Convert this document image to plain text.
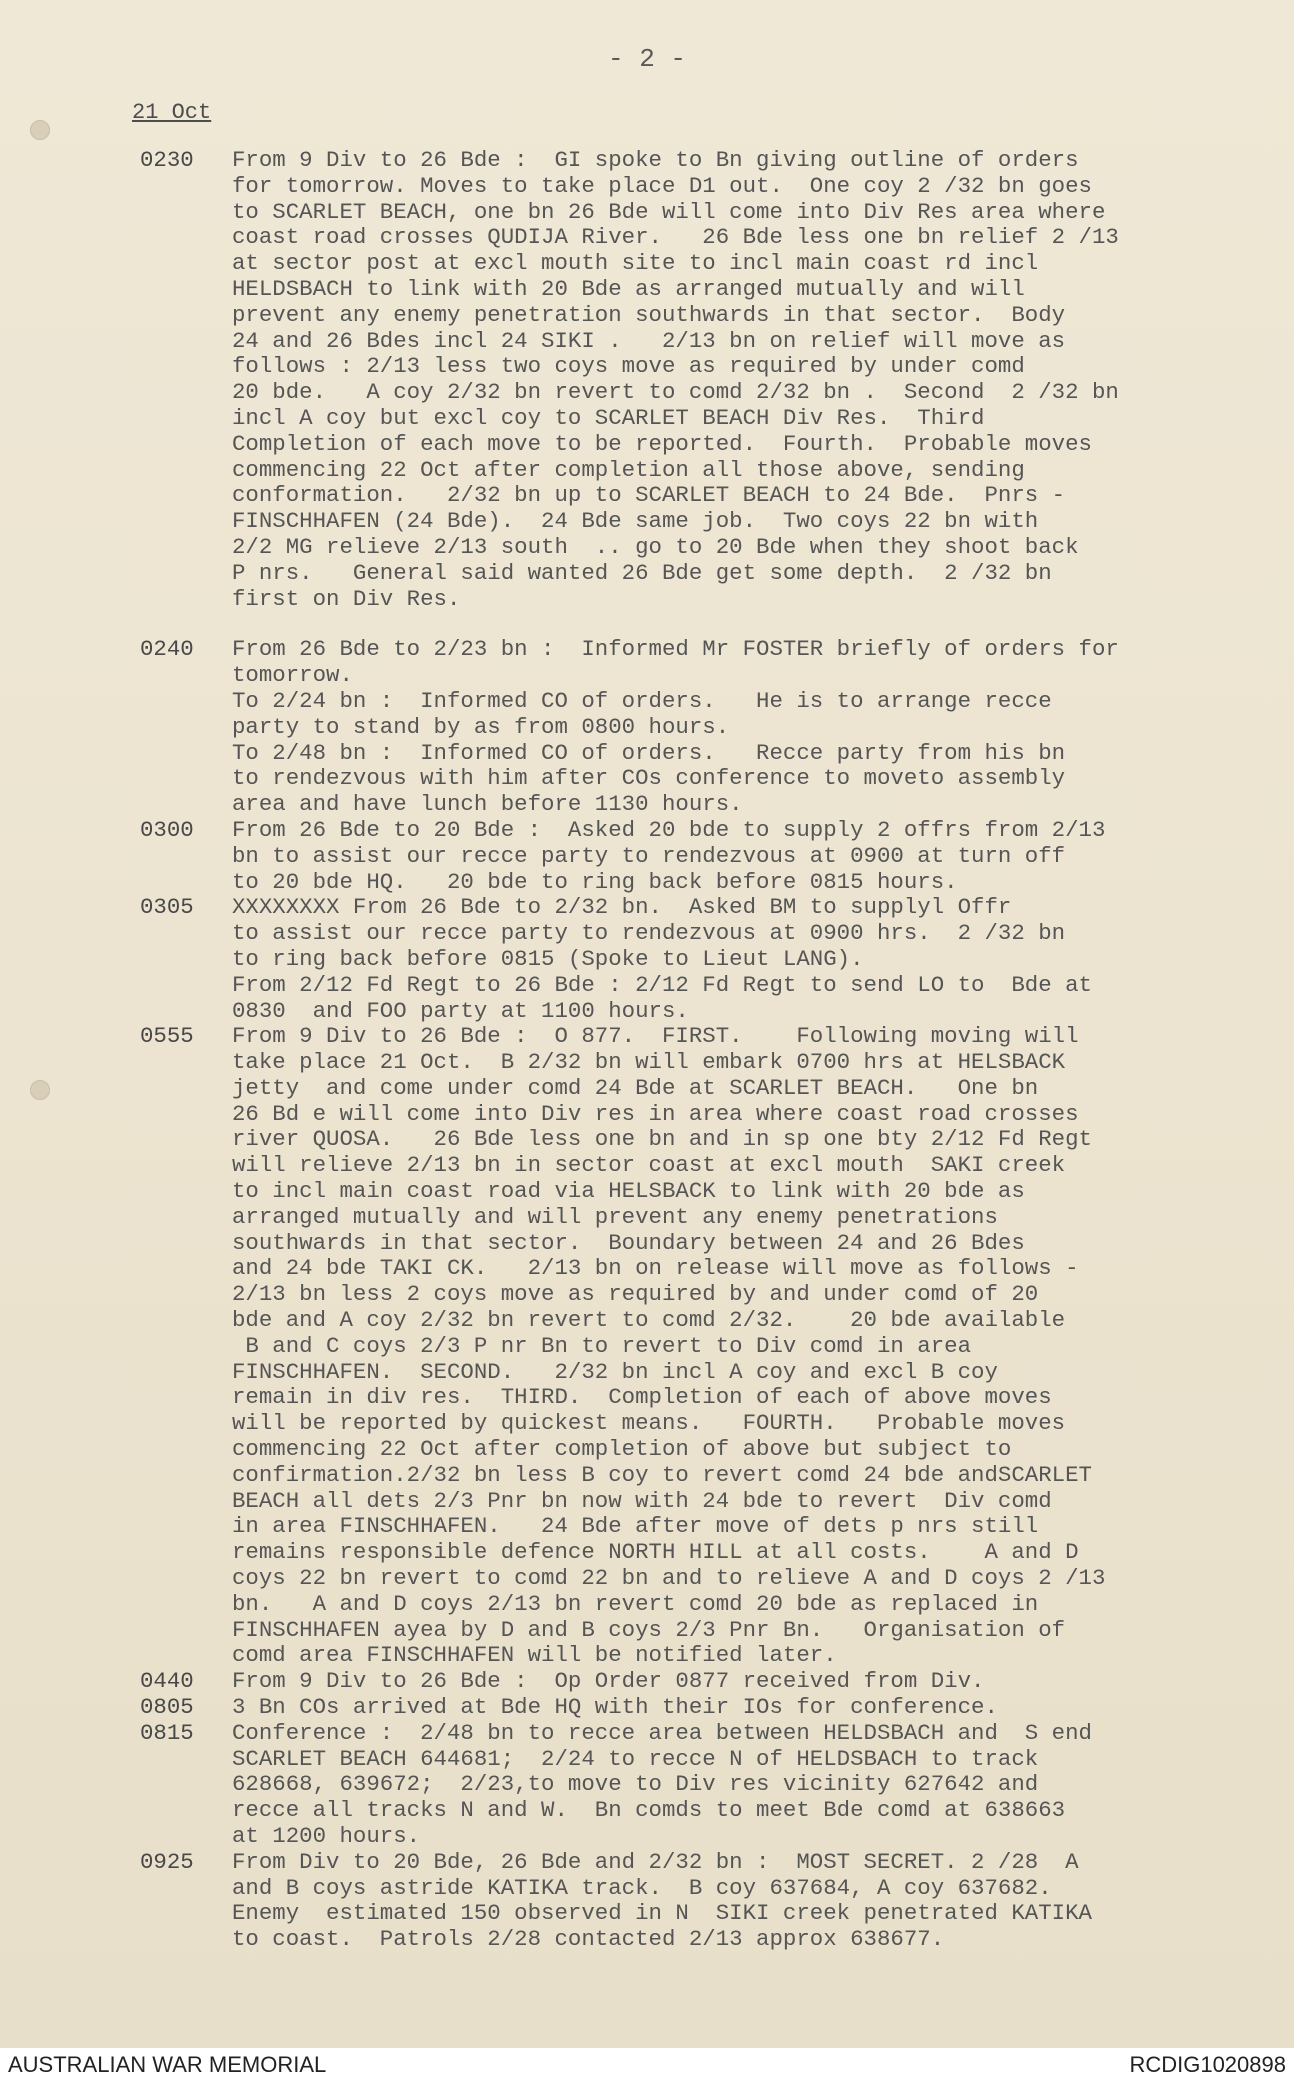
- 2 -
21 Oct
0230	From 9 Div to 26 Bde :  GI spoke to Bn giving outline of orders
for tomorrow. Moves to take place D1 out.  One coy 2 /32 bn goes
to SCARLET BEACH, one bn 26 Bde will come into Div Res area where
coast road crosses QUDIJA River.   26 Bde less one bn relief 2 /13
at sector post at excl mouth site to incl main coast rd incl
HELDSBACH to link with 20 Bde as arranged mutually and will
prevent any enemy penetration southwards in that sector.  Body
24 and 26 Bdes incl 24 SIKI .   2/13 bn on relief will move as
follows : 2/13 less two coys move as required by under comd
20 bde.   A coy 2/32 bn revert to comd 2/32 bn .  Second  2 /32 bn
incl A coy but excl coy to SCARLET BEACH Div Res.  Third
Completion of each move to be reported.  Fourth.  Probable moves
commencing 22 Oct after completion all those above, sending
conformation.   2/32 bn up to SCARLET BEACH to 24 Bde.  Pnrs -
FINSCHHAFEN (24 Bde).  24 Bde same job.  Two coys 22 bn with
2/2 MG relieve 2/13 south  .. go to 20 Bde when they shoot back
P nrs.   General said wanted 26 Bde get some depth.  2 /32 bn
first on Div Res.
0240	From 26 Bde to 2/23 bn :  Informed Mr FOSTER briefly of orders for
tomorrow.
To 2/24 bn :  Informed CO of orders.   He is to arrange recce
party to stand by as from 0800 hours.
To 2/48 bn :  Informed CO of orders.   Recce party from his bn
to rendezvous with him after COs conference to moveto assembly
area and have lunch before 1130 hours.
0300	From 26 Bde to 20 Bde :  Asked 20 bde to supply 2 offrs from 2/13
bn to assist our recce party to rendezvous at 0900 at turn off
to 20 bde HQ.   20 bde to ring back before 0815 hours.
0305	XXXXXXXX From 26 Bde to 2/32 bn.  Asked BM to supplyl Offr
to assist our recce party to rendezvous at 0900 hrs.  2 /32 bn
to ring back before 0815 (Spoke to Lieut LANG).
From 2/12 Fd Regt to 26 Bde : 2/12 Fd Regt to send LO to  Bde at
0830  and FOO party at 1100 hours.
0555	From 9 Div to 26 Bde :  O 877.  FIRST.    Following moving will
take place 21 Oct.  B 2/32 bn will embark 0700 hrs at HELSBACK
jetty  and come under comd 24 Bde at SCARLET BEACH.   One bn
26 Bd e will come into Div res in area where coast road crosses
river QUOSA.   26 Bde less one bn and in sp one bty 2/12 Fd Regt
will relieve 2/13 bn in sector coast at excl mouth  SAKI creek
to incl main coast road via HELSBACK to link with 20 bde as
arranged mutually and will prevent any enemy penetrations
southwards in that sector.  Boundary between 24 and 26 Bdes
and 24 bde TAKI CK.   2/13 bn on release will move as follows -
2/13 bn less 2 coys move as required by and under comd of 20
bde and A coy 2/32 bn revert to comd 2/32.    20 bde available
B and C coys 2/3 P nr Bn to revert to Div comd in area
FINSCHHAFEN.  SECOND.   2/32 bn incl A coy and excl B coy
remain in div res.  THIRD.  Completion of each of above moves
will be reported by quickest means.   FOURTH.   Probable moves
commencing 22 Oct after completion of above but subject to
confirmation.2/32 bn less B coy to revert comd 24 bde andSCARLET
BEACH all dets 2/3 Pnr bn now with 24 bde to revert  Div comd
in area FINSCHHAFEN.   24 Bde after move of dets p nrs still
remains responsible defence NORTH HILL at all costs.    A and D
coys 22 bn revert to comd 22 bn and to relieve A and D coys 2 /13
bn.   A and D coys 2/13 bn revert comd 20 bde as replaced in
FINSCHHAFEN ayea by D and B coys 2/3 Pnr Bn.   Organisation of
comd area FINSCHHAFEN will be notified later.
0440	From 9 Div to 26 Bde :  Op Order 0877 received from Div.
0805	3 Bn COs arrived at Bde HQ with their IOs for conference.
0815	Conference :  2/48 bn to recce area between HELDSBACH and  S end
SCARLET BEACH 644681;  2/24 to recce N of HELDSBACH to track
628668, 639672;  2/23,to move to Div res vicinity 627642 and
recce all tracks N and W.  Bn comds to meet Bde comd at 638663
at 1200 hours.
0925	From Div to 20 Bde, 26 Bde and 2/32 bn :  MOST SECRET. 2 /28  A
and B coys astride KATIKA track.  B coy 637684, A coy 637682.
Enemy  estimated 150 observed in N  SIKI creek penetrated KATIKA
to coast.  Patrols 2/28 contacted 2/13 approx 638677.
AUSTRALIAN WAR MEMORIAL	RCDIG1020898
